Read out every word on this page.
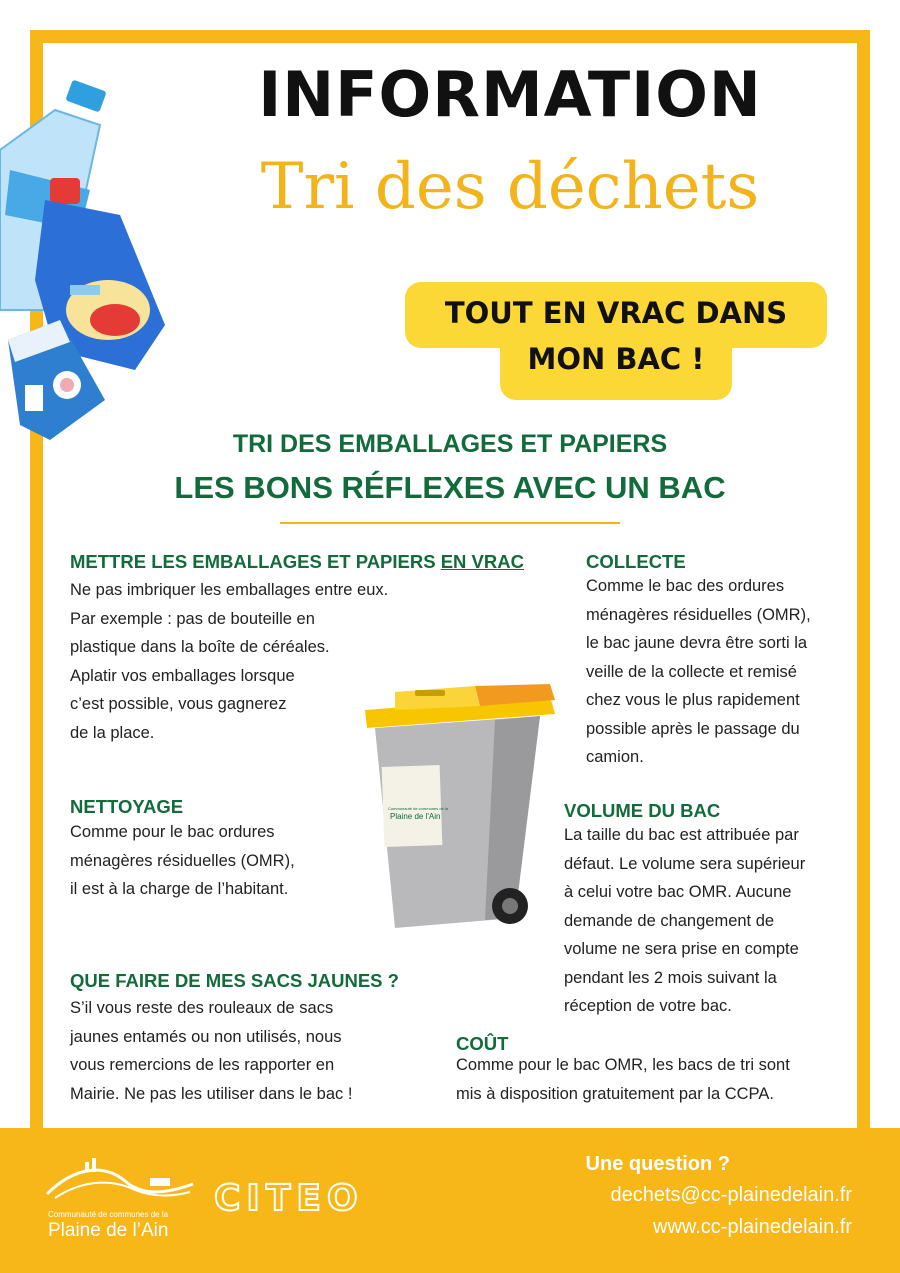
INFORMATION
Tri des déchets
TOUT EN VRAC DANS
MON BAC !
TRI DES EMBALLAGES ET PAPIERS
LES BONS RÉFLEXES AVEC UN BAC
METTRE LES EMBALLAGES ET PAPIERS EN VRAC
Ne pas imbriquer les emballages entre eux.
Par exemple : pas de bouteille en
plastique dans la boîte de céréales.
Aplatir vos emballages lorsque
c’est possible, vous gagnerez
de la place.
COLLECTE
Comme le bac des ordures
ménagères résiduelles (OMR),
le bac jaune devra être sorti la
veille de la collecte et remisé
chez vous le plus rapidement
possible après le passage du
camion.
Communauté de communes de la
Plaine de l'Ain
NETTOYAGE
Comme pour le bac ordures
ménagères résiduelles (OMR),
il est à la charge de l’habitant.
VOLUME DU BAC
La taille du bac est attribuée par
défaut. Le volume sera supérieur
à celui votre bac OMR. Aucune
demande de changement de
volume ne sera prise en compte
pendant les 2 mois suivant la
réception de votre bac.
QUE FAIRE DE MES SACS JAUNES ?
S’il vous reste des rouleaux de sacs
jaunes entamés ou non utilisés, nous
vous remercions de les rapporter en
Mairie. Ne pas les utiliser dans le bac !
COÛT
Comme pour le bac OMR, les bacs de tri sont
mis à disposition gratuitement par la CCPA.
Communauté de communes de la
Plaine de l’Ain
CITEO
Une question ?
dechets@cc-plainedelain.fr
www.cc-plainedelain.fr
